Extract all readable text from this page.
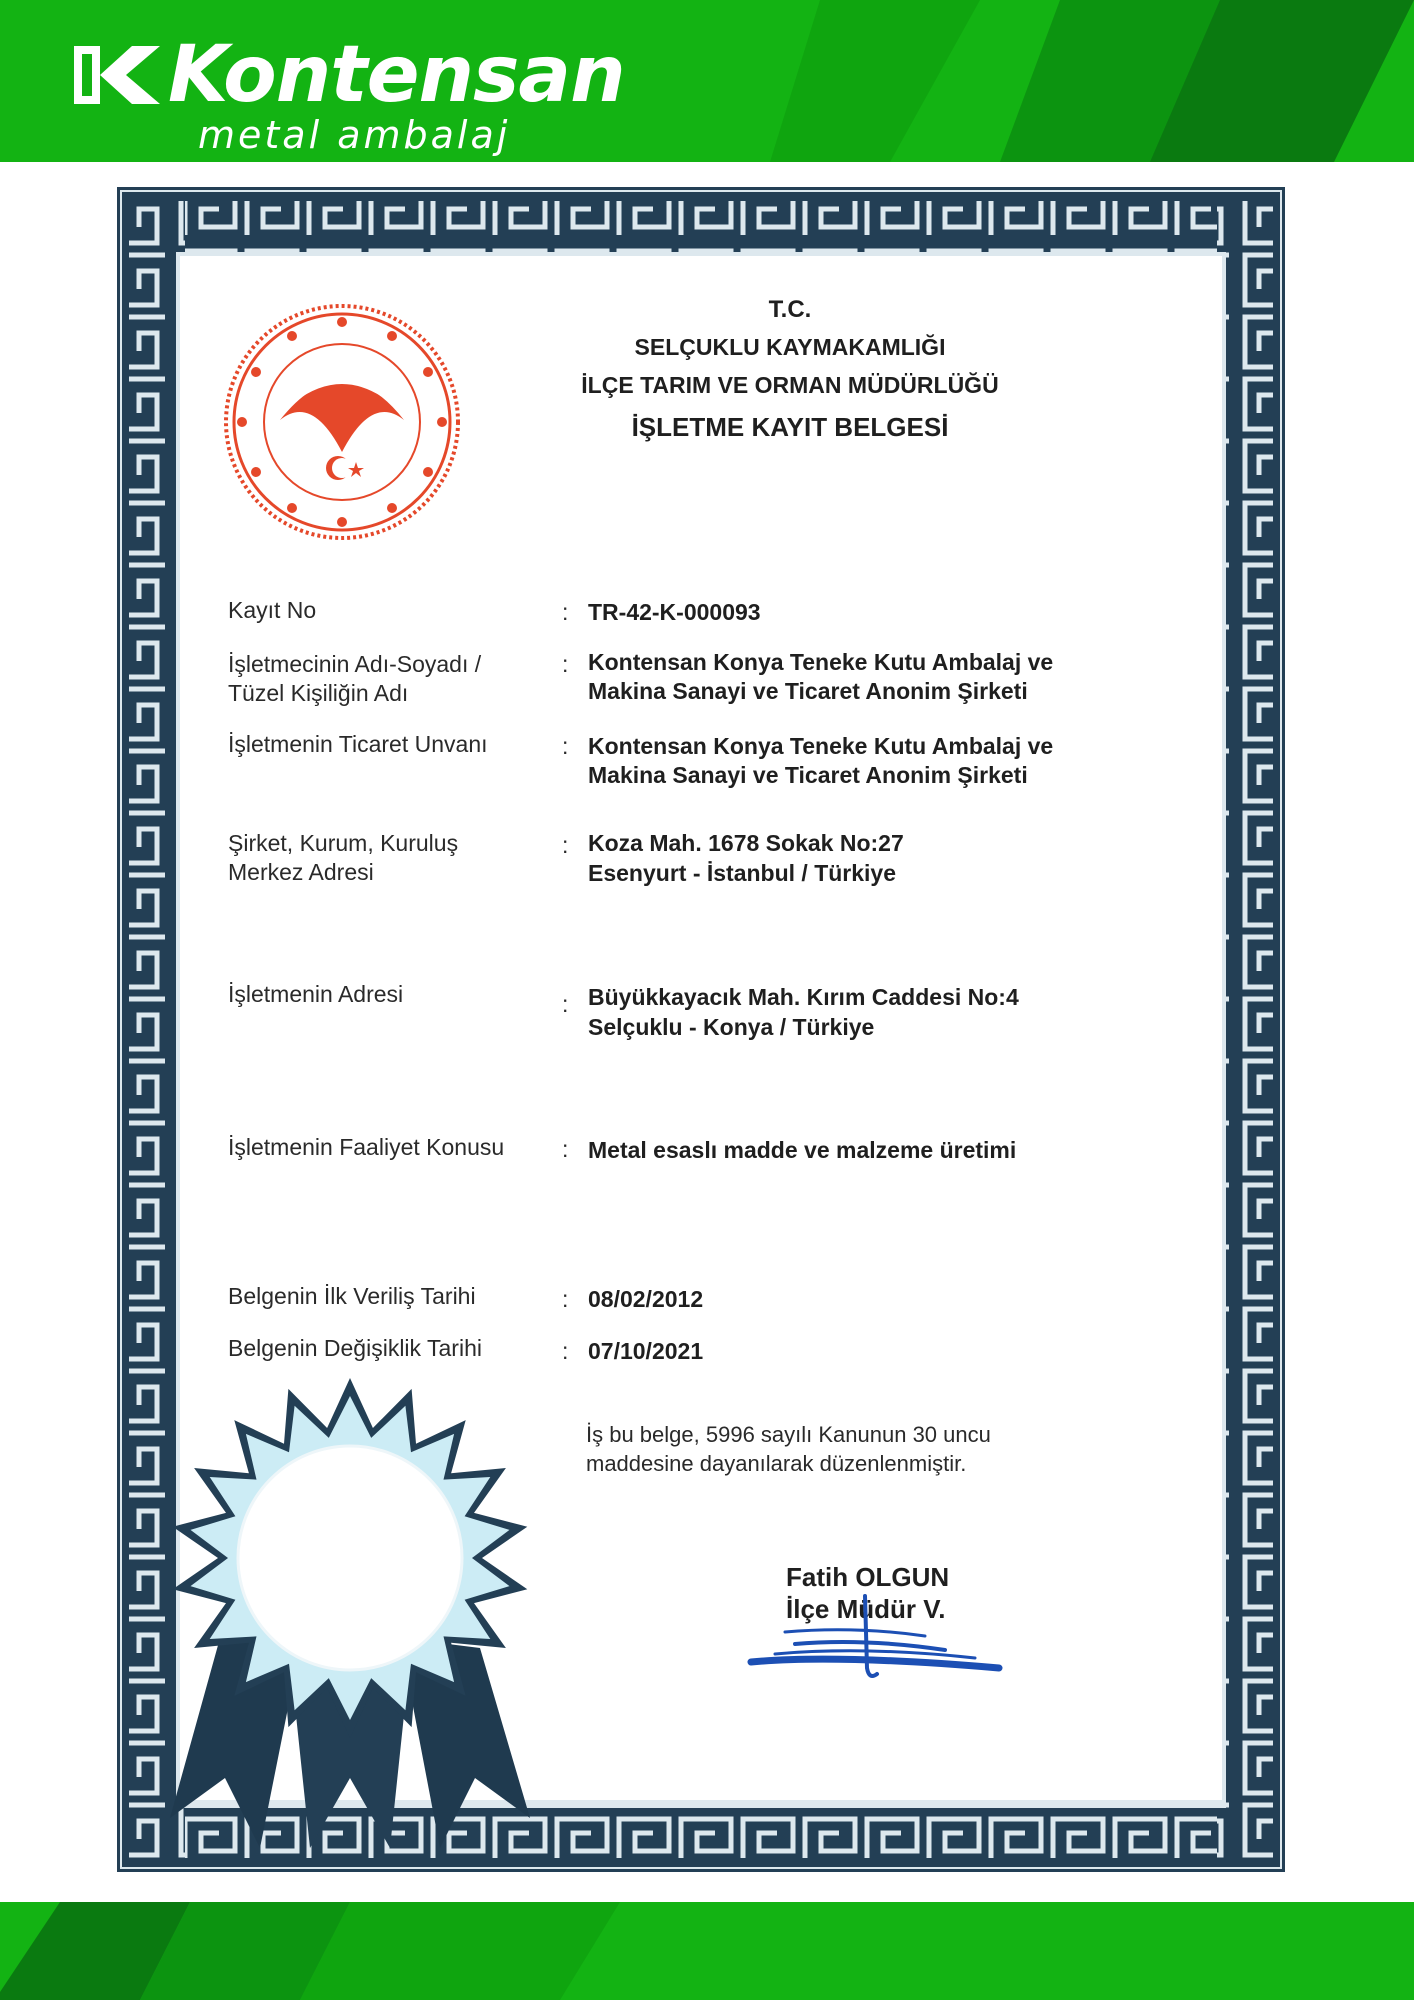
Kontensan
metal ambalaj
T.C.
SELÇUKLU KAYMAKAMLIĞI
İLÇE TARIM VE ORMAN MÜDÜRLÜĞÜ
İŞLETME KAYIT BELGESİ
Kayıt No	: TR-42-K-000093
İşletmecinin Adı-Soyadı /
Tüzel Kişiliğin Adı
: Kontensan Konya Teneke Kutu Ambalaj ve
Makina Sanayi ve Ticaret Anonim Şirketi
İşletmenin Ticaret Unvanı	: Kontensan Konya Teneke Kutu Ambalaj ve
Makina Sanayi ve Ticaret Anonim Şirketi
Şirket, Kurum, Kuruluş
Merkez Adresi
: Koza Mah. 1678 Sokak No:27
Esenyurt - İstanbul / Türkiye
İşletmenin Adresi	: Büyükkayacık Mah. Kırım Caddesi No:4
Selçuklu - Konya / Türkiye
İşletmenin Faaliyet Konusu	: Metal esaslı madde ve malzeme üretimi
Belgenin İlk Veriliş Tarihi	: 08/02/2012
Belgenin Değişiklik Tarihi	: 07/10/2021
İş bu belge, 5996 sayılı Kanunun 30 uncu
maddesine dayanılarak düzenlenmiştir.
Fatih OLGUN
İlçe Müdür V.
